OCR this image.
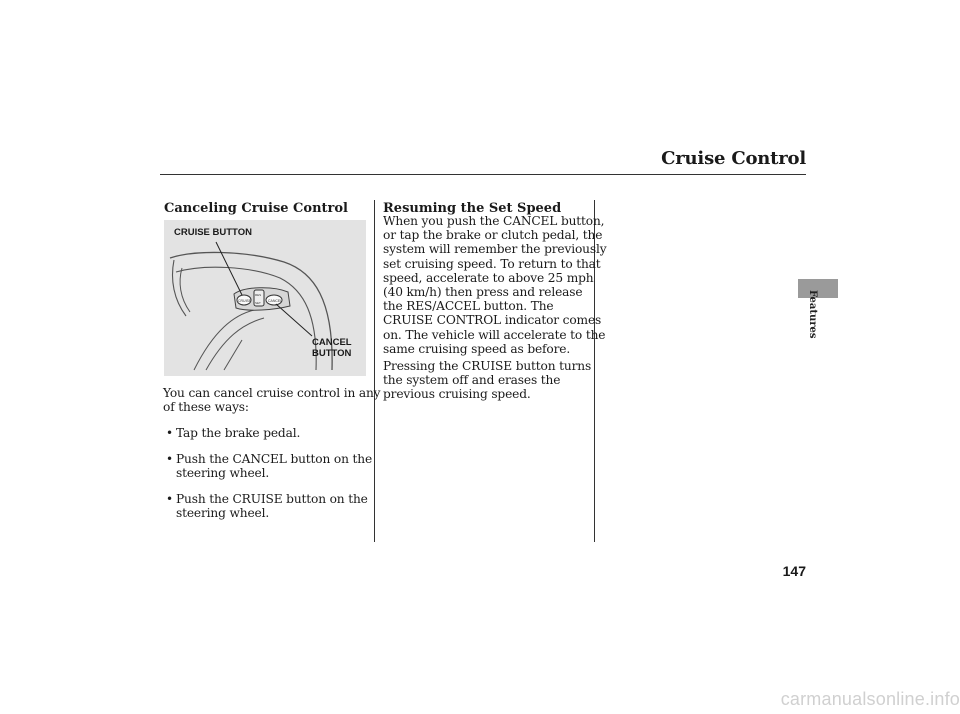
Cruise Control
Canceling Cruise Control
CRUISE
RES
SET CANCEL
CRUISE BUTTON
CANCEL
BUTTON
You can cancel cruise control in any
of these ways:
• Tap the brake pedal.
• Push the CANCEL button on the
steering wheel.
• Push the CRUISE button on the
steering wheel.
Resuming the Set Speed
When you push the CANCEL button,
or tap the brake or clutch pedal, the
system will remember the previously
set cruising speed. To return to that
speed, accelerate to above 25 mph
(40 km/h) then press and release
the RES/ACCEL button. The
CRUISE CONTROL indicator comes
on. The vehicle will accelerate to the
same cruising speed as before.
Pressing the CRUISE button turns
the system off and erases the
previous cruising speed.
Features
147
carmanualsonline.info
